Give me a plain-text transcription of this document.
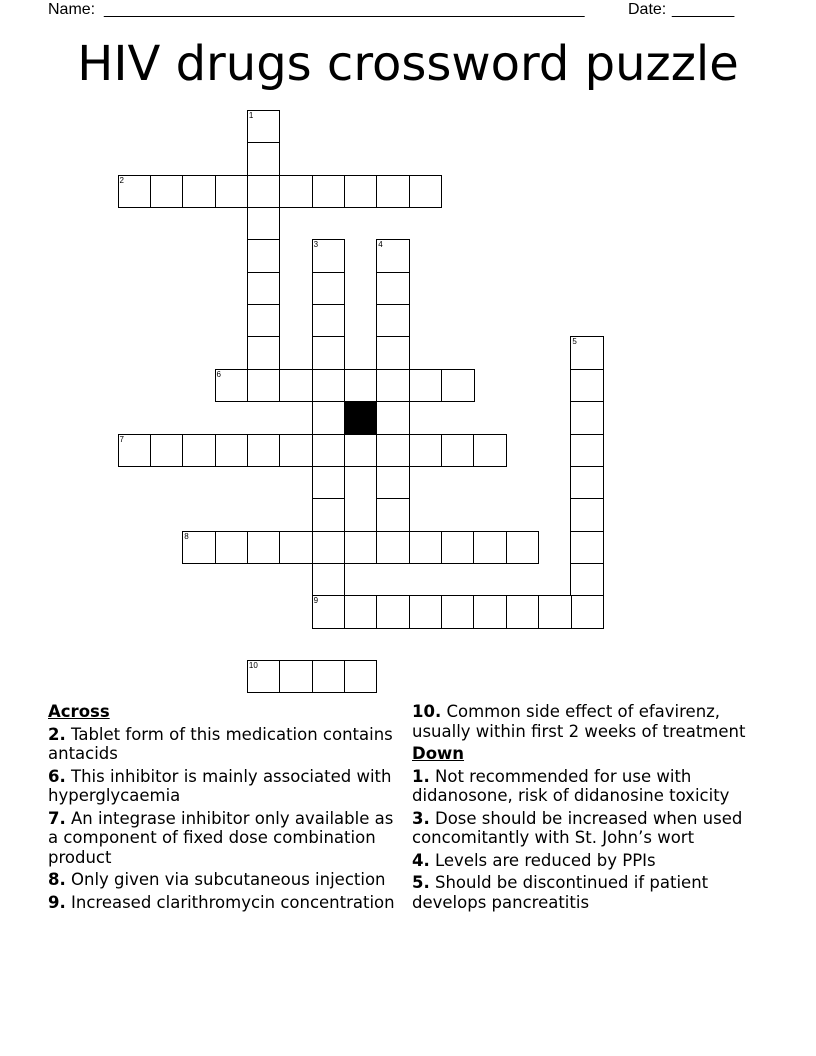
Name: ______________________________________________________	Date: _______
HIV drugs crossword puzzle
1
2
3
9
4
5
6
7
8
10
Across
2. Tablet form of this medication contains antacids
6. This inhibitor is mainly associated with hyperglycaemia
7. An integrase inhibitor only available as a component of fixed dose combination product
8. Only given via subcutaneous injection
9. Increased clarithromycin concentration
10. Common side effect of efavirenz, usually within first 2 weeks of treatment
Down
1. Not recommended for use with didanosone, risk of didanosine toxicity
3. Dose should be increased when used concomitantly with St. John’s wort
4. Levels are reduced by PPIs
5. Should be discontinued if patient develops pancreatitis
